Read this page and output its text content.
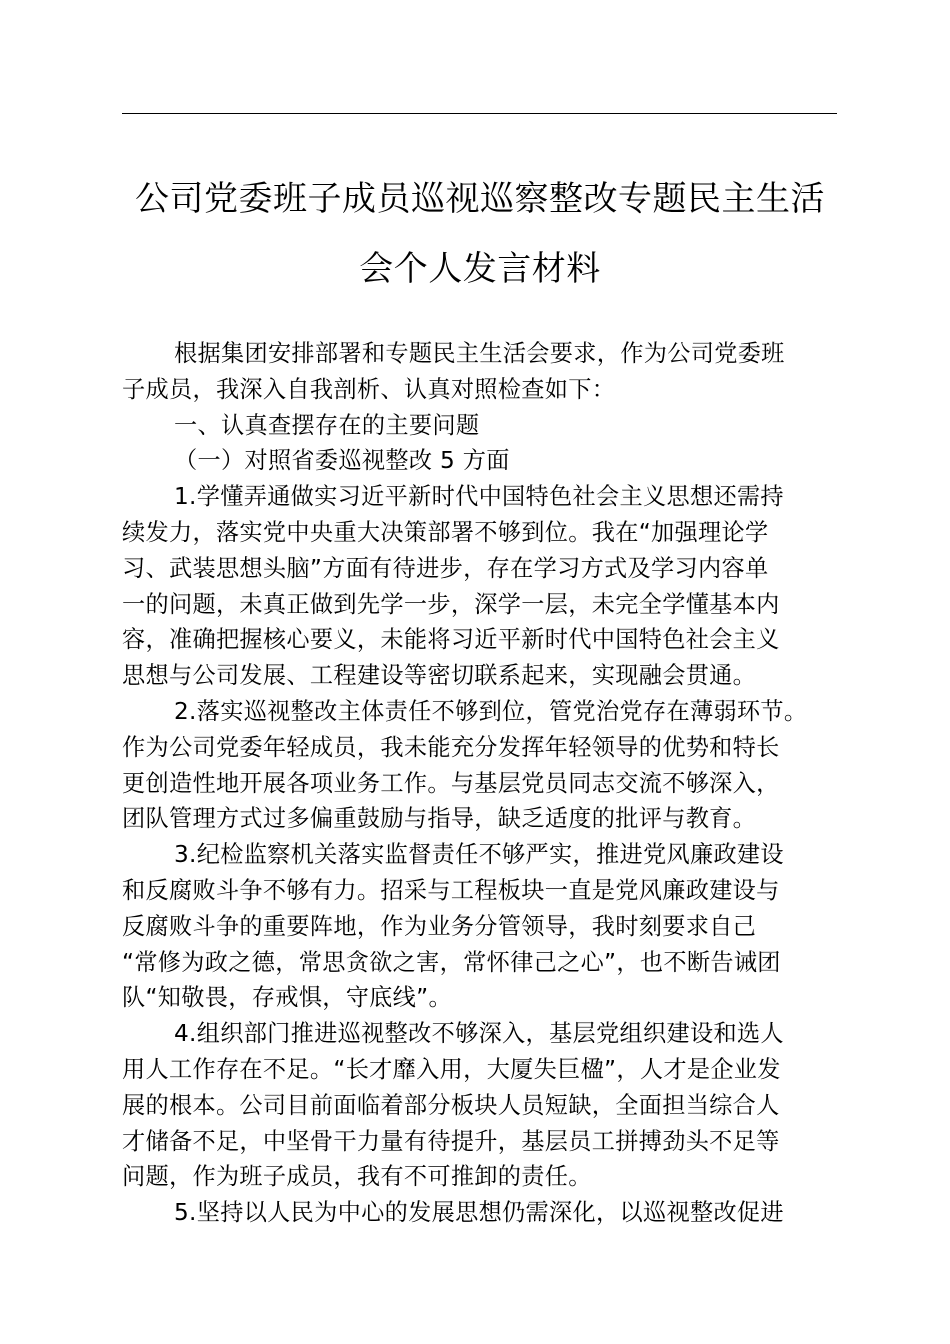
公司党委班子成员巡视巡察整改专题民主生活
会个人发言材料
根据集团安排部署和专题民主生活会要求，作为公司党委班
子成员，我深入自我剖析、认真对照检查如下：
一、认真查摆存在的主要问题
（一）对照省委巡视整改 5 方面
1.学懂弄通做实习近平新时代中国特色社会主义思想还需持
续发力，落实党中央重大决策部署不够到位。我在“加强理论学
习、武装思想头脑”方面有待进步，存在学习方式及学习内容单
一的问题，未真正做到先学一步，深学一层，未完全学懂基本内
容，准确把握核心要义，未能将习近平新时代中国特色社会主义
思想与公司发展、工程建设等密切联系起来，实现融会贯通。
2.落实巡视整改主体责任不够到位，管党治党存在薄弱环节。
作为公司党委年轻成员，我未能充分发挥年轻领导的优势和特长
更创造性地开展各项业务工作。与基层党员同志交流不够深入，
团队管理方式过多偏重鼓励与指导，缺乏适度的批评与教育。
3.纪检监察机关落实监督责任不够严实，推进党风廉政建设
和反腐败斗争不够有力。招采与工程板块一直是党风廉政建设与
反腐败斗争的重要阵地，作为业务分管领导，我时刻要求自己
“常修为政之德，常思贪欲之害，常怀律己之心”，也不断告诫团
队“知敬畏，存戒惧，守底线”。
4.组织部门推进巡视整改不够深入，基层党组织建设和选人
用人工作存在不足。“长才靡入用，大厦失巨楹”，人才是企业发
展的根本。公司目前面临着部分板块人员短缺，全面担当综合人
才储备不足，中坚骨干力量有待提升，基层员工拼搏劲头不足等
问题，作为班子成员，我有不可推卸的责任。
5.坚持以人民为中心的发展思想仍需深化，以巡视整改促进
